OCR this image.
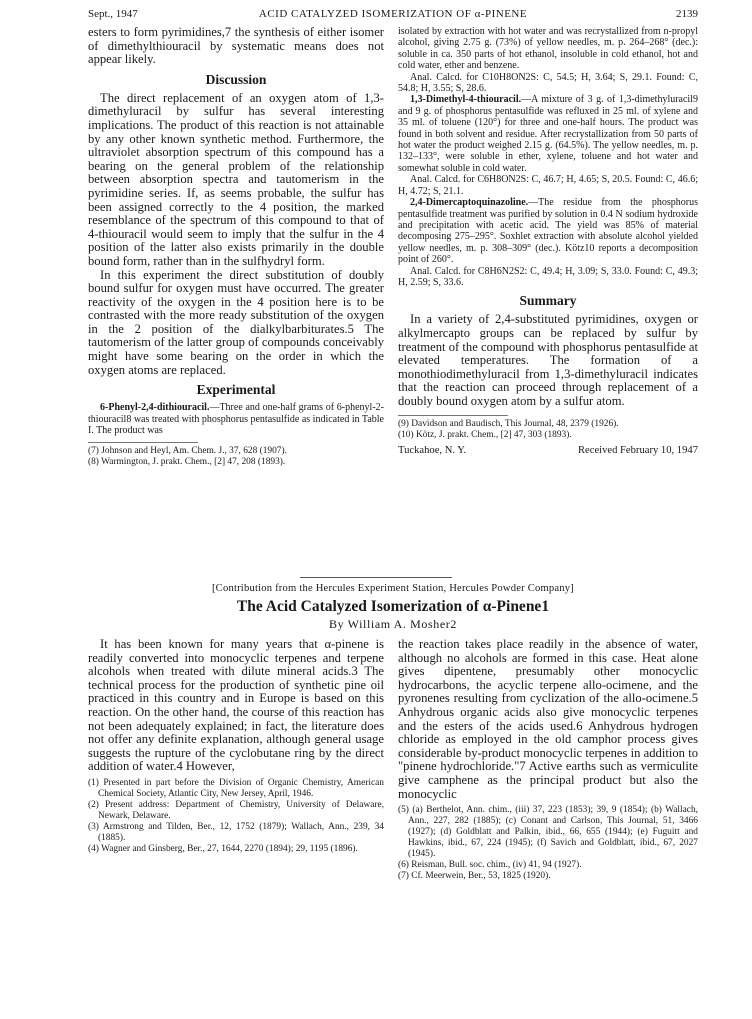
Sept., 1947	ACID CATALYZED ISOMERIZATION OF α-PINENE	2139

esters to form pyrimidines,7 the synthesis of either isomer of dimethylthiouracil by systematic means does not appear likely.

Discussion

The direct replacement of an oxygen atom of 1,3-dimethyluracil by sulfur has several interesting implications. The product of this reaction is not attainable by any other known synthetic method. Furthermore, the ultraviolet absorption spectrum of this compound has a bearing on the general problem of the relationship between absorption spectra and tautomerism in the pyrimidine series. If, as seems probable, the sulfur has been assigned correctly to the 4 position, the marked resemblance of the spectrum of this compound to that of 4-thiouracil would seem to imply that the sulfur in the 4 position of the latter also exists primarily in the double bound form, rather than in the sulfhydryl form.

In this experiment the direct substitution of doubly bound sulfur for oxygen must have occurred. The greater reactivity of the oxygen in the 4 position here is to be contrasted with the more ready substitution of the oxygen in the 2 position of the dialkylbarbiturates.5 The tautomerism of the latter group of compounds conceivably might have some bearing on the order in which the oxygen atoms are replaced.

Experimental

6-Phenyl-2,4-dithiouracil.—Three and one-half grams of 6-phenyl-2-thiouracil8 was treated with phosphorus pentasulfide as indicated in Table I. The product was

(7) Johnson and Heyl, Am. Chem. J., 37, 628 (1907).

(8) Warmington, J. prakt. Chem., [2] 47, 208 (1893).

isolated by extraction with hot water and was recrystallized from n-propyl alcohol, giving 2.75 g. (73%) of yellow needles, m. p. 264–268° (dec.): soluble in ca. 350 parts of hot ethanol, insoluble in cold ethanol, hot and cold water, ether and benzene.

Anal. Calcd. for C10H8ON2S: C, 54.5; H, 3.64; S, 29.1. Found: C, 54.8; H, 3.55; S, 28.6.

1,3-Dimethyl-4-thiouracil.—A mixture of 3 g. of 1,3-dimethyluracil9 and 9 g. of phosphorus pentasulfide was refluxed in 25 ml. of xylene and 35 ml. of toluene (120°) for three and one-half hours. The product was found in both solvent and residue. After recrystallization from 50 parts of hot water the product weighed 2.15 g. (64.5%). The yellow needles, m. p. 132–133°, were soluble in ether, xylene, toluene and hot water and somewhat soluble in cold water.

Anal. Calcd. for C6H8ON2S: C, 46.7; H, 4.65; S, 20.5. Found: C, 46.6; H, 4.72; S, 21.1.

2,4-Dimercaptoquinazoline.—The residue from the phosphorus pentasulfide treatment was purified by solution in 0.4 N sodium hydroxide and precipitation with acetic acid. The yield was 85% of material decomposing 275–295°. Soxhlet extraction with absolute alcohol yielded yellow needles, m. p. 308–309° (dec.). Kötz10 reports a decomposition point of 260°.

Anal. Calcd. for C8H6N2S2: C, 49.4; H, 3.09; S, 33.0. Found: C, 49.3; H, 2.59; S, 33.6.

Summary

In a variety of 2,4-substituted pyrimidines, oxygen or alkylmercapto groups can be replaced by sulfur by treatment of the compound with phosphorus pentasulfide at elevated temperatures. The formation of a monothiodimethyluracil from 1,3-dimethyluracil indicates that the reaction can proceed through replacement of a doubly bound oxygen atom by a sulfur atom.

(9) Davidson and Baudisch, This Journal, 48, 2379 (1926).

(10) Kötz, J. prakt. Chem., [2] 47, 303 (1893).

Tuckahoe, N. Y.	Received February 10, 1947
[Contribution from the Hercules Experiment Station, Hercules Powder Company]
The Acid Catalyzed Isomerization of α-Pinene1
By William A. Mosher2

It has been known for many years that α-pinene is readily converted into monocyclic terpenes and terpene alcohols when treated with dilute mineral acids.3 The technical process for the production of synthetic pine oil practiced in this country and in Europe is based on this reaction. On the other hand, the course of this reaction has not been adequately explained; in fact, the literature does not offer any definite explanation, although general usage suggests the rupture of the cyclobutane ring by the direct addition of water.4 However,

(1) Presented in part before the Division of Organic Chemistry, American Chemical Society, Atlantic City, New Jersey, April, 1946.

(2) Present address: Department of Chemistry, University of Delaware, Newark, Delaware.

(3) Armstrong and Tilden, Ber., 12, 1752 (1879); Wallach, Ann., 239, 34 (1885).

(4) Wagner and Ginsberg, Ber., 27, 1644, 2270 (1894); 29, 1195 (1896).

the reaction takes place readily in the absence of water, although no alcohols are formed in this case. Heat alone gives dipentene, presumably other monocyclic hydrocarbons, the acyclic terpene allo-ocimene, and the pyronenes resulting from cyclization of the allo-ocimene.5 Anhydrous organic acids also give monocyclic terpenes and the esters of the acids used.6 Anhydrous hydrogen chloride as employed in the old camphor process gives considerable by-product monocyclic terpenes in addition to "pinene hydrochloride."7 Active earths such as vermiculite give camphene as the principal product but also the monocyclic

(5) (a) Berthelot, Ann. chim., (iii) 37, 223 (1853); 39, 9 (1854); (b) Wallach, Ann., 227, 282 (1885); (c) Conant and Carlson, This Journal, 51, 3466 (1927); (d) Goldblatt and Palkin, ibid., 66, 655 (1944); (e) Fuguitt and Hawkins, ibid., 67, 224 (1945); (f) Savich and Goldblatt, ibid., 67, 2027 (1945).

(6) Reisman, Bull. soc. chim., (iv) 41, 94 (1927).

(7) Cf. Meerwein, Ber., 53, 1825 (1920).
